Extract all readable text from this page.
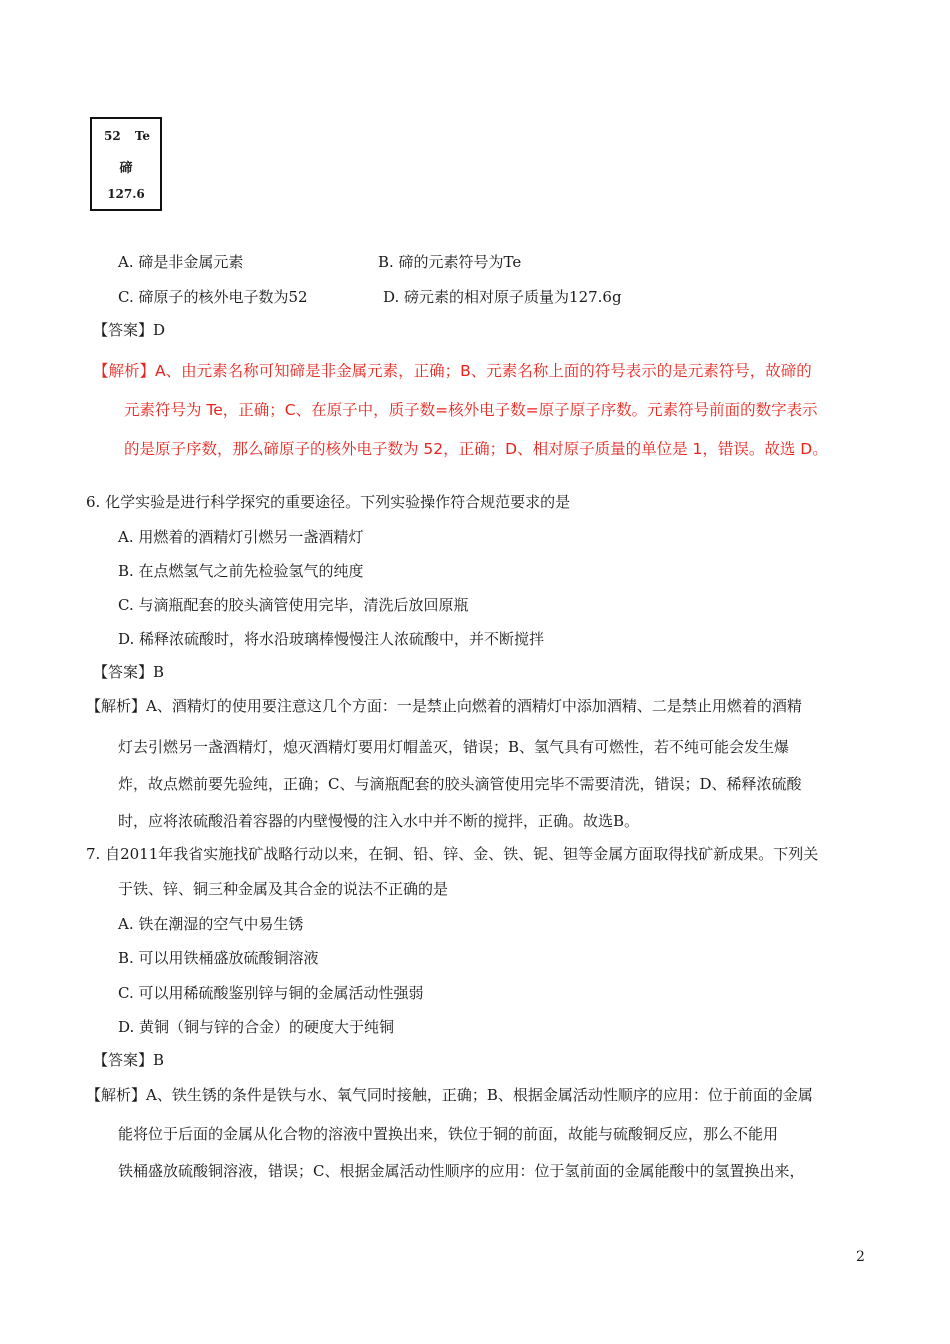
52 Te
碲
127.6
A. 碲是非金属元素	B. 碲的元素符号为Te
C. 碲原子的核外电子数为52	D. 磅元素的相对原子质量为127.6g
【答案】D
【解析】A、由元素名称可知碲是非金属元素，正确；B、元素名称上面的符号表示的是元素符号，故碲的
元素符号为 Te，正确；C、在原子中，质子数=核外电子数=原子原子序数。元素符号前面的数字表示
的是原子序数，那么碲原子的核外电子数为 52，正确；D、相对原子质量的单位是 1，错误。故选 D。
6. 化学实验是进行科学探究的重要途径。下列实验操作符合规范要求的是
A. 用燃着的酒精灯引燃另一盏酒精灯
B. 在点燃氢气之前先检验氢气的纯度
C. 与滴瓶配套的胶头滴管使用完毕，清洗后放回原瓶
D. 稀释浓硫酸时，将水沿玻璃棒慢慢注人浓硫酸中，并不断搅拌
【答案】B
【解析】A、酒精灯的使用要注意这几个方面：一是禁止向燃着的酒精灯中添加酒精、二是禁止用燃着的酒精
灯去引燃另一盏酒精灯，熄灭酒精灯要用灯帽盖灭，错误；B、氢气具有可燃性，若不纯可能会发生爆
炸，故点燃前要先验纯，正确；C、与滴瓶配套的胶头滴管使用完毕不需要清洗，错误；D、稀释浓硫酸
时，应将浓硫酸沿着容器的内壁慢慢的注入水中并不断的搅拌，正确。故选B。
7. 自2011年我省实施找矿战略行动以来，在铜、铅、锌、金、铁、铌、钽等金属方面取得找矿新成果。下列关
于铁、锌、铜三种金属及其合金的说法不正确的是
A. 铁在潮湿的空气中易生锈
B. 可以用铁桶盛放硫酸铜溶液
C. 可以用稀硫酸鉴别锌与铜的金属活动性强弱
D. 黄铜（铜与锌的合金）的硬度大于纯铜
【答案】B
【解析】A、铁生锈的条件是铁与水、氧气同时接触，正确；B、根据金属活动性顺序的应用：位于前面的金属
能将位于后面的金属从化合物的溶液中置换出来，铁位于铜的前面，故能与硫酸铜反应，那么不能用
铁桶盛放硫酸铜溶液，错误；C、根据金属活动性顺序的应用：位于氢前面的金属能酸中的氢置换出来，
2
